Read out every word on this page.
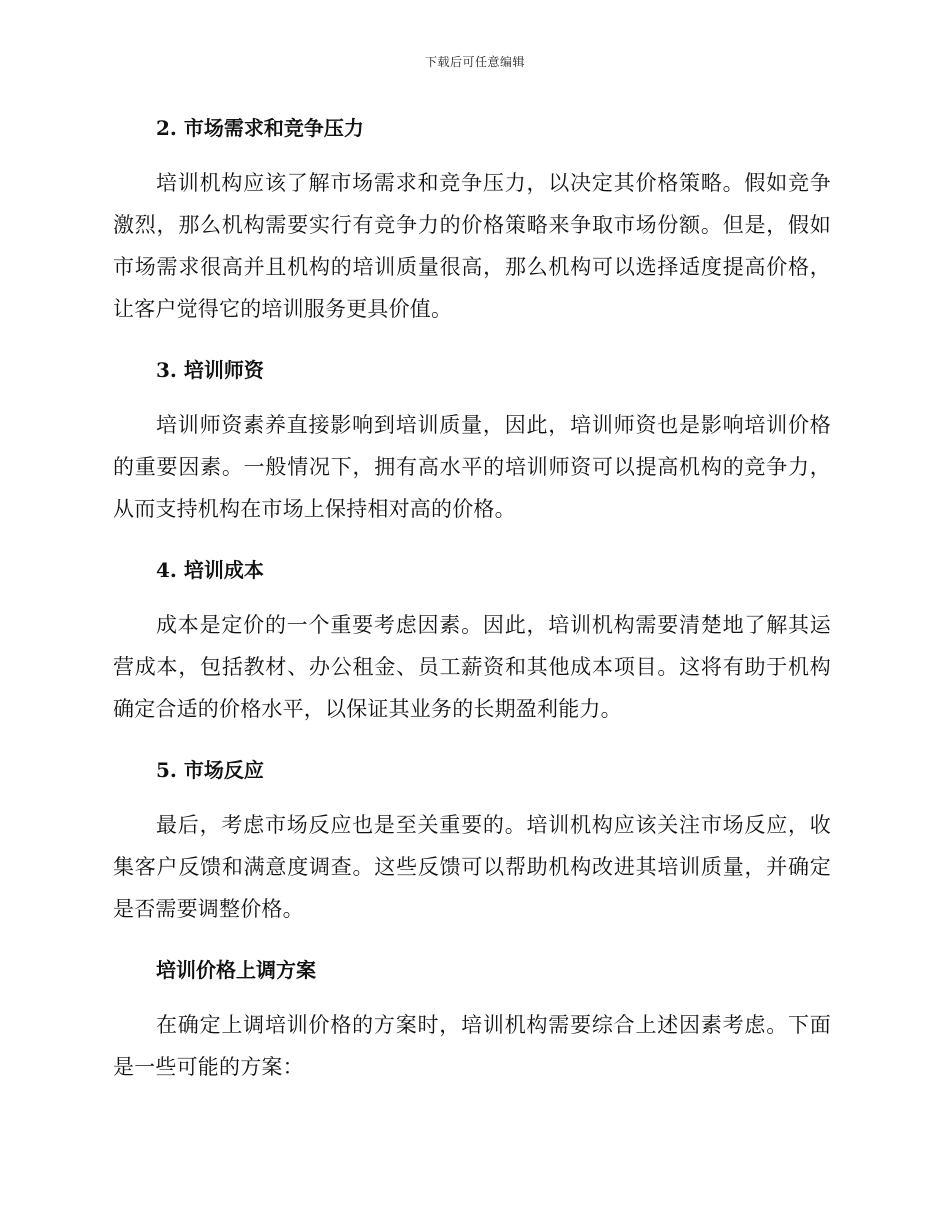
下载后可任意编辑
2. 市场需求和竞争压力

培训机构应该了解市场需求和竞争压力，以决定其价格策略。假如竞争激烈，那么机构需要实行有竞争力的价格策略来争取市场份额。但是，假如市场需求很高并且机构的培训质量很高，那么机构可以选择适度提高价格，让客户觉得它的培训服务更具价值。

3. 培训师资

培训师资素养直接影响到培训质量，因此，培训师资也是影响培训价格的重要因素。一般情况下，拥有高水平的培训师资可以提高机构的竞争力，从而支持机构在市场上保持相对高的价格。

4. 培训成本

成本是定价的一个重要考虑因素。因此，培训机构需要清楚地了解其运营成本，包括教材、办公租金、员工薪资和其他成本项目。这将有助于机构确定合适的价格水平，以保证其业务的长期盈利能力。

5. 市场反应

最后，考虑市场反应也是至关重要的。培训机构应该关注市场反应，收集客户反馈和满意度调查。这些反馈可以帮助机构改进其培训质量，并确定是否需要调整价格。

培训价格上调方案

在确定上调培训价格的方案时，培训机构需要综合上述因素考虑。下面是一些可能的方案：
